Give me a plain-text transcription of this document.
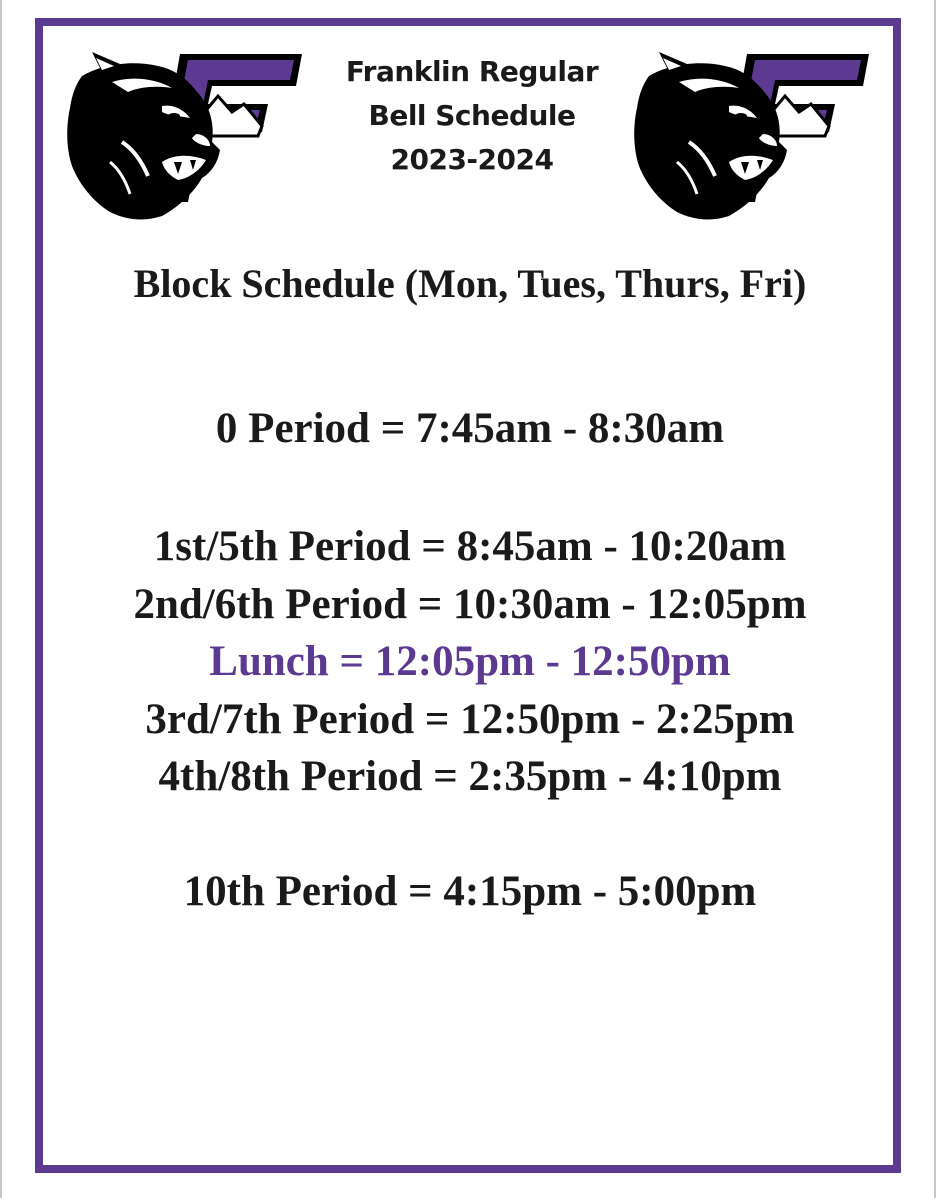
Franklin Regular
Bell Schedule
2023-2024
Block Schedule (Mon, Tues, Thurs, Fri)
0 Period = 7:45am - 8:30am
1st/5th Period = 8:45am - 10:20am
2nd/6th Period = 10:30am - 12:05pm
Lunch = 12:05pm - 12:50pm
3rd/7th Period = 12:50pm - 2:25pm
4th/8th Period = 2:35pm - 4:10pm
10th Period = 4:15pm - 5:00pm
